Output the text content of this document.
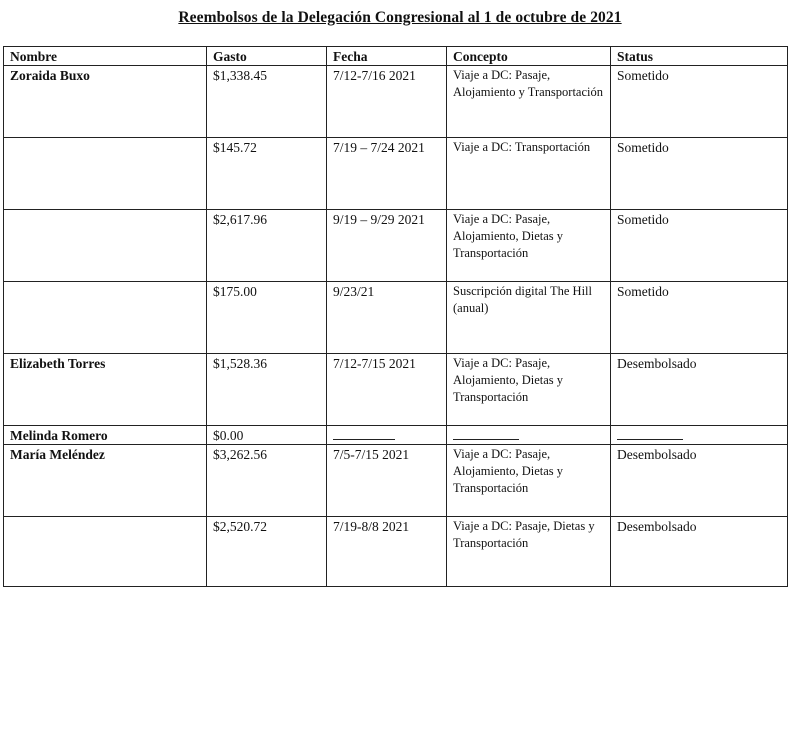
Reembolsos de la Delegación Congresional al 1 de octubre de 2021
Nombre	Gasto	Fecha	Concepto	Status
Zoraida Buxo	$1,338.45	7/12-7/16 2021	Viaje a DC: Pasaje, Alojamiento y Transportación	Sometido
	$145.72	7/19 – 7/24 2021	Viaje a DC: Transportación	Sometido
	$2,617.96	9/19 – 9/29 2021	Viaje a DC: Pasaje, Alojamiento, Dietas y Transportación	Sometido
	$175.00	9/23/21	Suscripción digital The Hill (anual)	Sometido
Elizabeth Torres	$1,528.36	7/12-7/15 2021	Viaje a DC: Pasaje, Alojamiento, Dietas y Transportación	Desembolsado
Melinda Romero	$0.00			
María Meléndez	$3,262.56	7/5-7/15 2021	Viaje a DC: Pasaje, Alojamiento, Dietas y Transportación	Desembolsado
	$2,520.72	7/19-8/8 2021	Viaje a DC: Pasaje, Dietas y Transportación	Desembolsado
